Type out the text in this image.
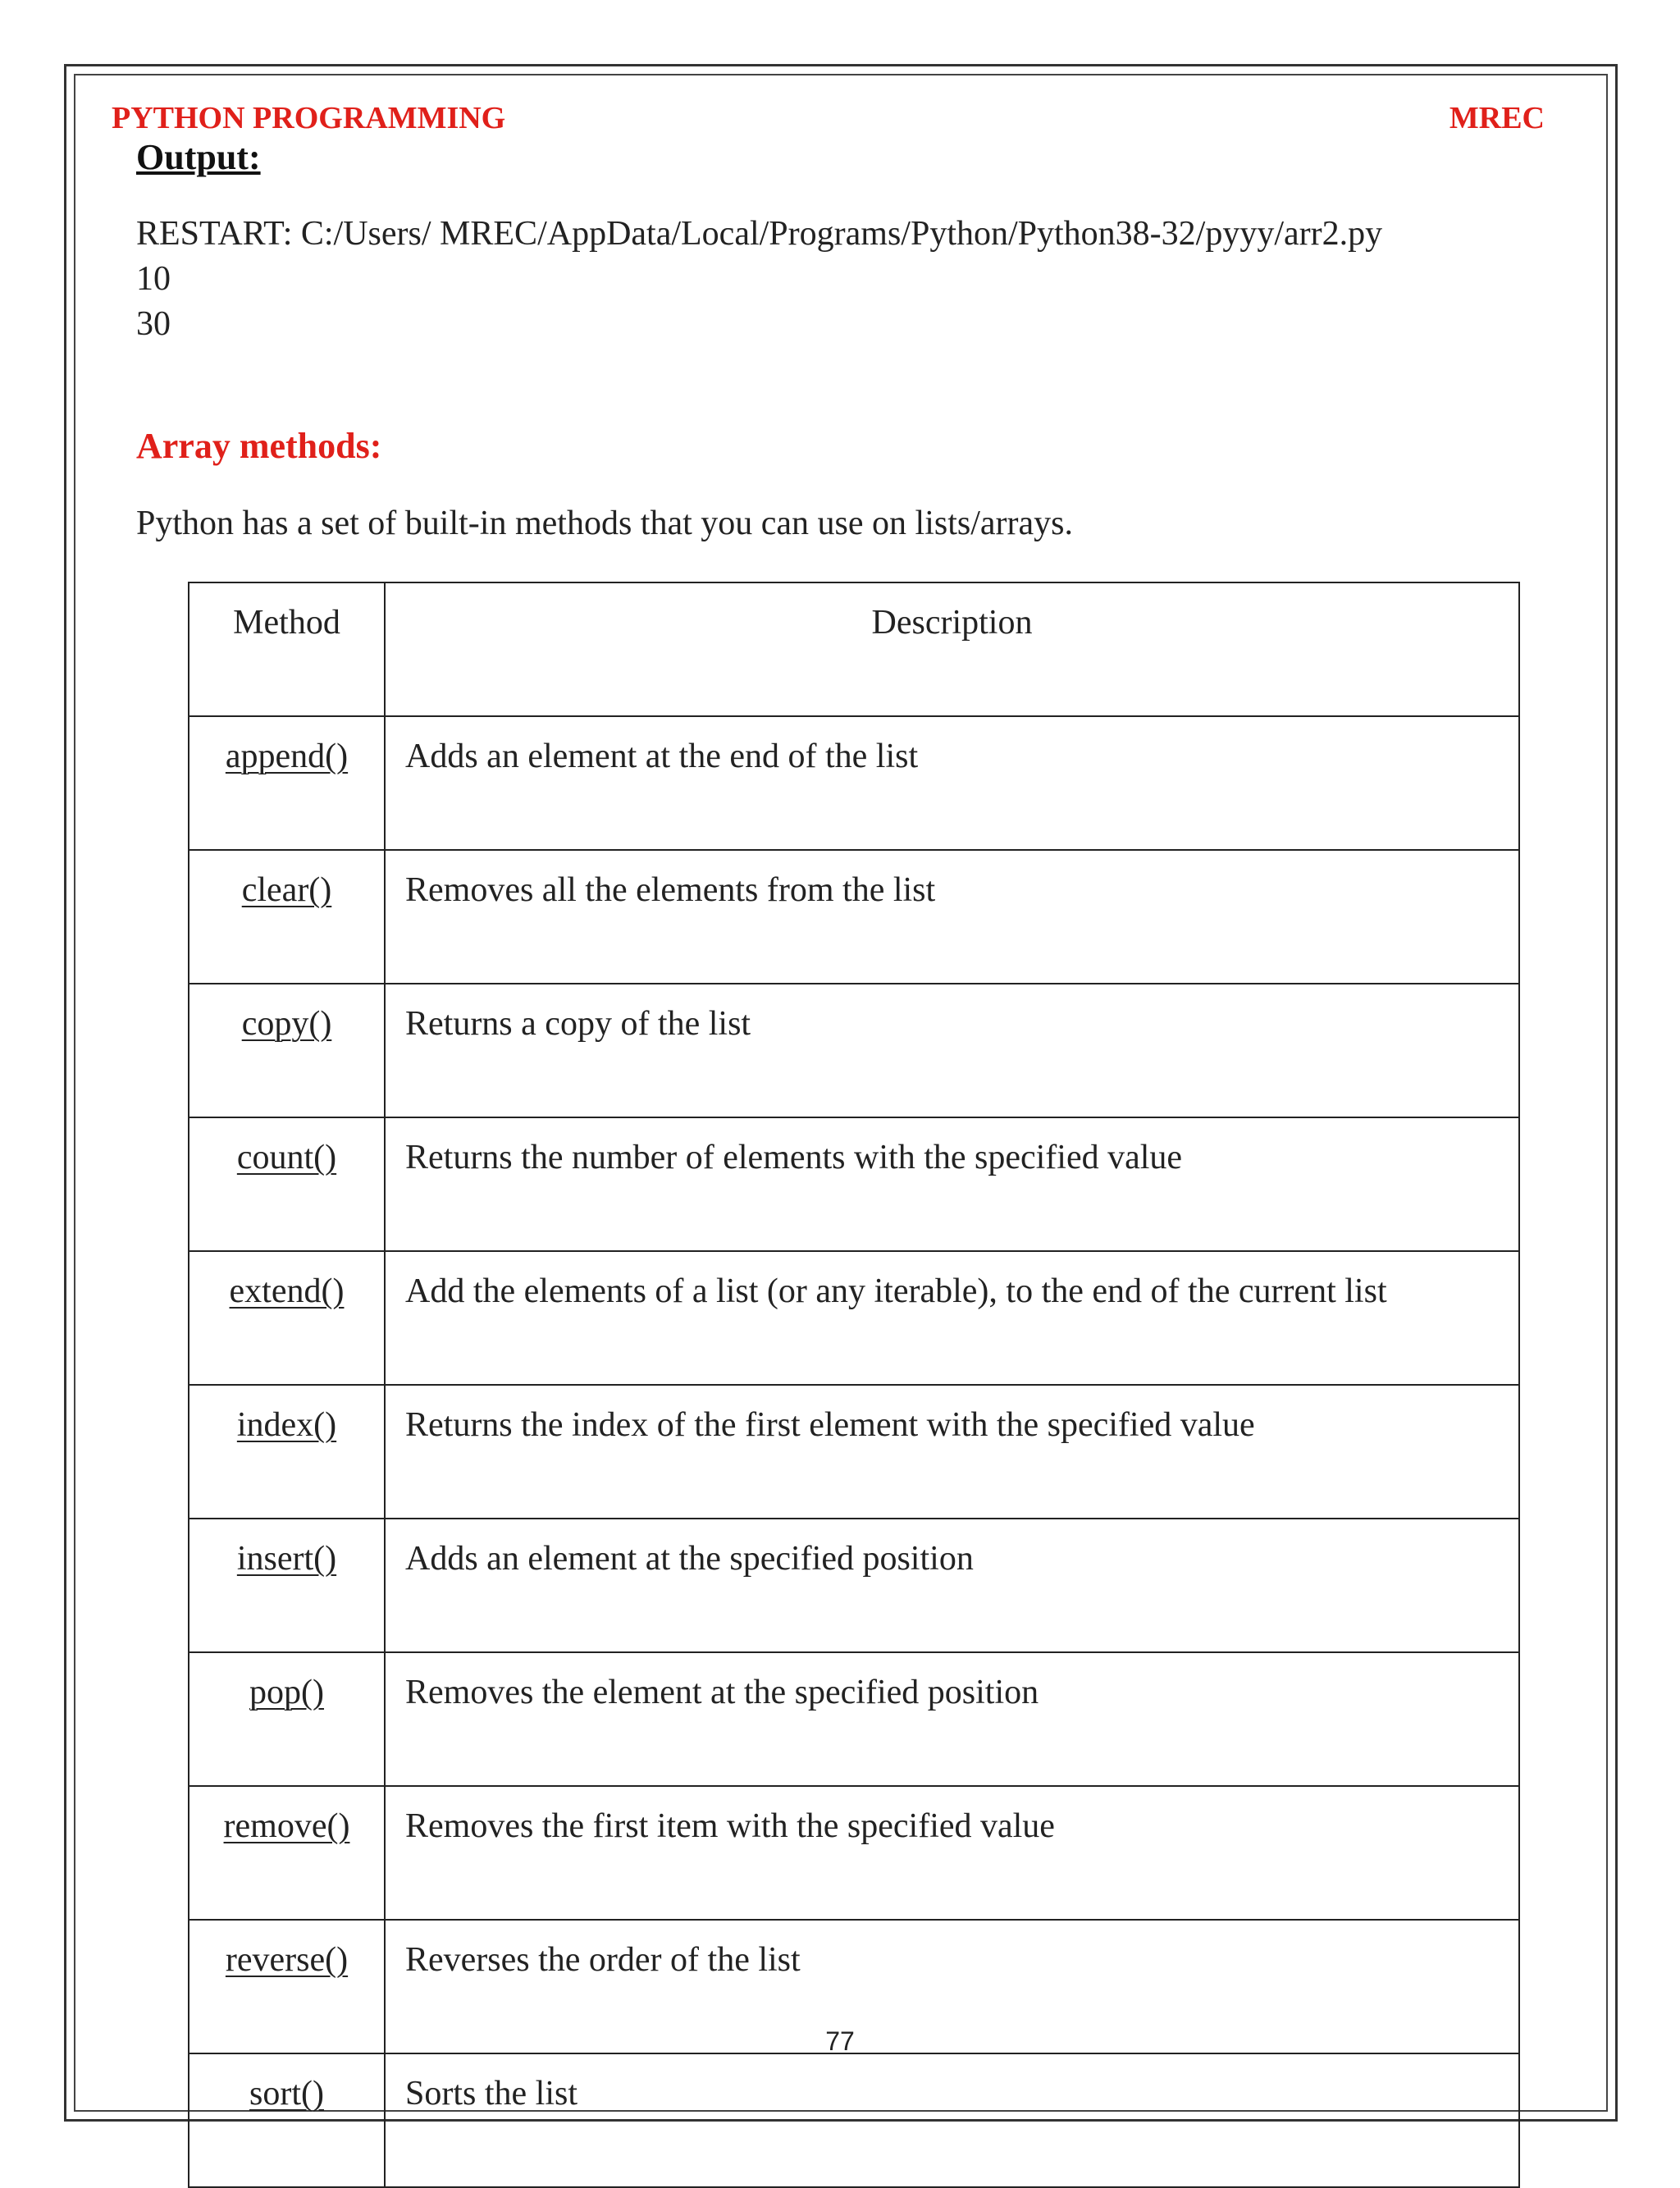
PYTHON PROGRAMMING	MREC
Output:
RESTART: C:/Users/ MREC/AppData/Local/Programs/Python/Python38-32/pyyy/arr2.py
10
30
Array methods:
Python has a set of built-in methods that you can use on lists/arrays.
Method	Description
append()	Adds an element at the end of the list
clear()	Removes all the elements from the list
copy()	Returns a copy of the list
count()	Returns the number of elements with the specified value
extend()	Add the elements of a list (or any iterable), to the end of the current list
index()	Returns the index of the first element with the specified value
insert()	Adds an element at the specified position
pop()	Removes the element at the specified position
remove()	Removes the first item with the specified value
reverse()	Reverses the order of the list
sort()	Sorts the list
77
